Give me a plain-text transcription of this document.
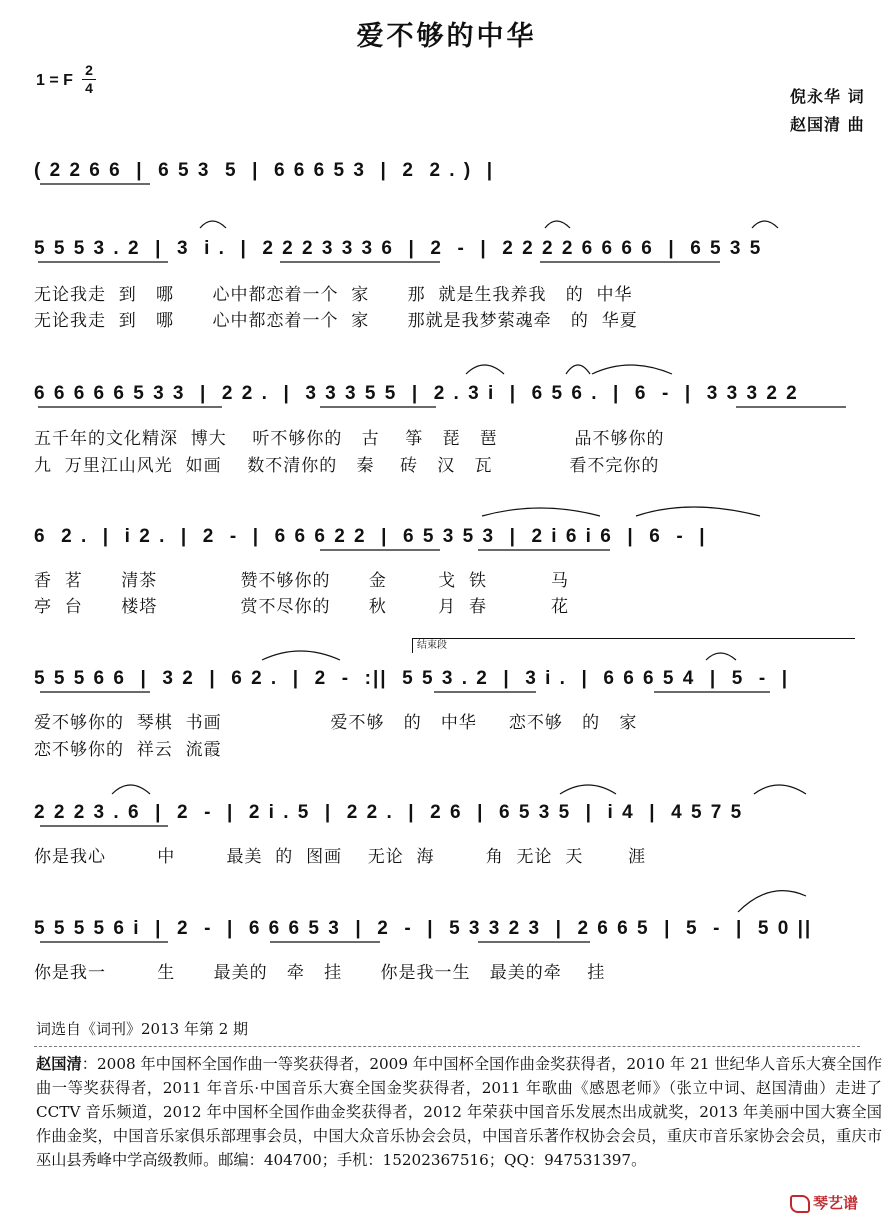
爱不够的中华
1 = F $\frac{2}{4}$	倪永华 词
赵国清 曲
( 2 2 6 6  |  6 5 3  5  |  6 6 6 5 3  |  2  2 . )  |
5 5 5 3 . 2  |  3  i .  |  2 2 2 3 3 3 6  |  2  -  |  2 2 2 2 6 6 6 6  |  6 5 3 5
无论我走  到   哪      心中都恋着一个  家      那  就是生我养我   的  中华
无论我走  到   哪      心中都恋着一个  家      那就是我梦萦魂牵   的  华夏
6 6 6 6 6 5 3 3  |  2 2 .  |  3 3 3 5 5  |  2 . 3 i  |  6 5 6 .  |  6  -  |  3 3 3 2 2
五千年的文化精深  博大    听不够你的   古    筝   琵   琶            品不够你的
九  万里江山风光  如画    数不清你的   秦    砖   汉   瓦            看不完你的
6  2 .  |  i 2 .  |  2  -  |  6 6 6 2 2  |  6 5 3 5 3  |  2 i 6 i 6  |  6  -  |
香  茗      清茶             赞不够你的      金        戈  铁          马
亭  台      楼塔             赏不尽你的      秋        月  春          花
结束段
5 5 5 6 6  |  3 2  |  6 2 .  |  2  -  :||  5 5 3 . 2  |  3 i .  |  6 6 6 5 4  |  5  -  |
爱不够你的  琴棋  书画                 爱不够   的   中华     恋不够   的   家
恋不够你的  祥云  流霞
2 2 2 3 . 6  |  2  -  |  2 i . 5  |  2 2 .  |  2 6  |  6 5 3 5  |  i 4  |  4 5 7 5
你是我心        中        最美  的  图画    无论  海        角  无论  天       涯
5 5 5 5 6 i  |  2  -  |  6 6 6 5 3  |  2  -  |  5 3 3 2 3  |  2 6 6 5  |  5  -  |  5 0 ||
你是我一        生      最美的   牵   挂      你是我一生   最美的牵    挂
词选自《词刊》2013 年第 2 期
赵国清：2008 年中国杯全国作曲一等奖获得者，2009 年中国杯全国作曲金奖获得者，2010 年 21 世纪华人音乐大赛全国作曲一等奖获得者，2011 年音乐·中国音乐大赛全国金奖获得者，2011 年歌曲《感恩老师》（张立中词、赵国清曲）走进了 CCTV 音乐频道，2012 年中国杯全国作曲金奖获得者，2012 年荣获中国音乐发展杰出成就奖，2013 年美丽中国大赛全国作曲金奖，中国音乐家俱乐部理事会员，中国大众音乐协会会员，中国音乐著作权协会会员，重庆市音乐家协会会员，重庆市巫山县秀峰中学高级教师。邮编：404700；手机：15202367516；QQ：947531397。
琴艺谱
